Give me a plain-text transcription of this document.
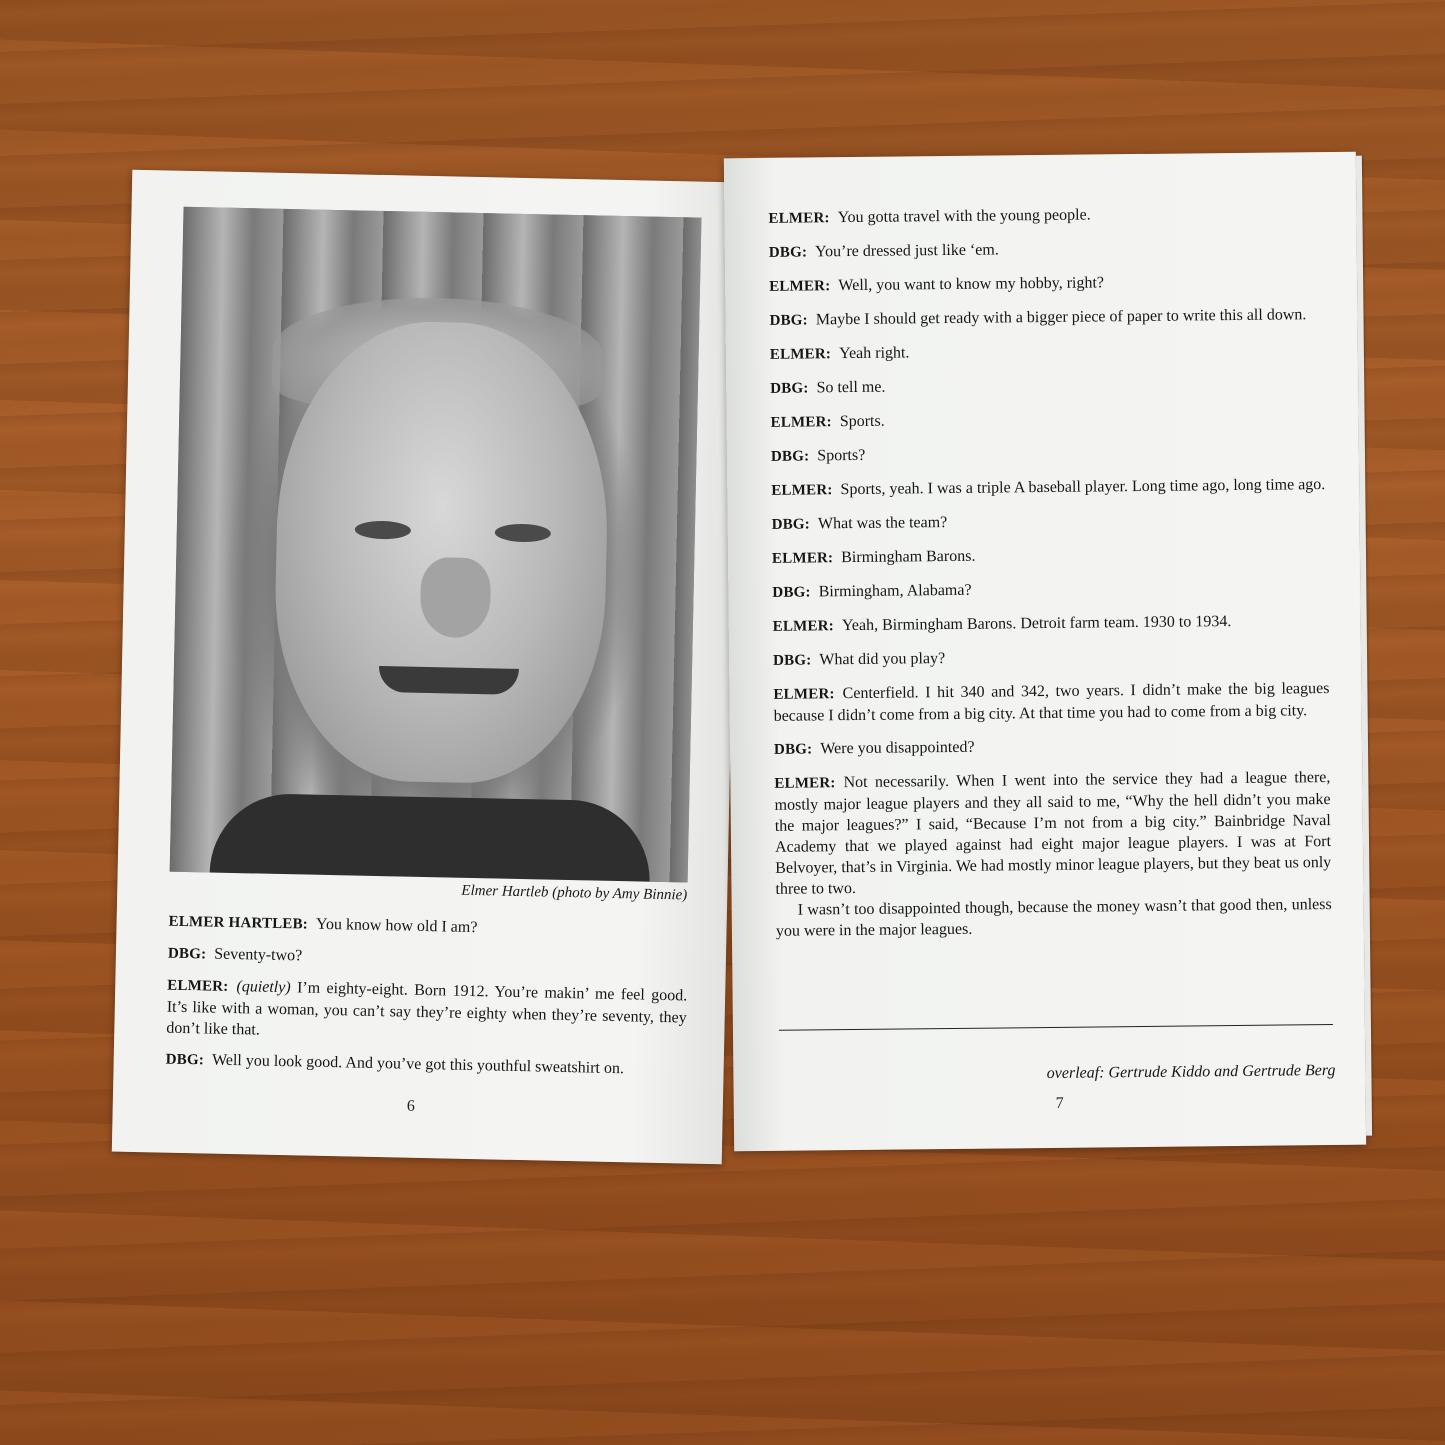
Elmer Hartleb (photo by Amy Binnie)

ELMER HARTLEB: You know how old I am?

DBG: Seventy-two?

ELMER: (quietly) I’m eighty-eight. Born 1912. You’re makin’ me feel good. It’s like with a woman, you can’t say they’re eighty when they’re seventy, they don’t like that.

DBG: Well you look good. And you’ve got this youthful sweatshirt on.

6

ELMER: You gotta travel with the young people.

DBG: You’re dressed just like ‘em.

ELMER: Well, you want to know my hobby, right?

DBG: Maybe I should get ready with a bigger piece of paper to write this all down.

ELMER: Yeah right.

DBG: So tell me.

ELMER: Sports.

DBG: Sports?

ELMER: Sports, yeah. I was a triple A baseball player. Long time ago, long time ago.

DBG: What was the team?

ELMER: Birmingham Barons.

DBG: Birmingham, Alabama?

ELMER: Yeah, Birmingham Barons. Detroit farm team. 1930 to 1934.

DBG: What did you play?

ELMER: Centerfield. I hit 340 and 342, two years. I didn’t make the big leagues because I didn’t come from a big city. At that time you had to come from a big city.

DBG: Were you disappointed?

ELMER: Not necessarily. When I went into the service they had a league there, mostly major league players and they all said to me, “Why the hell didn’t you make the major leagues?” I said, “Because I’m not from a big city.” Bainbridge Naval Academy that we played against had eight major league players. I was at Fort Belvoyer, that’s in Virginia. We had mostly minor league players, but they beat us only three to two.

I wasn’t too disappointed though, because the money wasn’t that good then, unless you were in the major leagues.

overleaf: Gertrude Kiddo and Gertrude Berg
7
